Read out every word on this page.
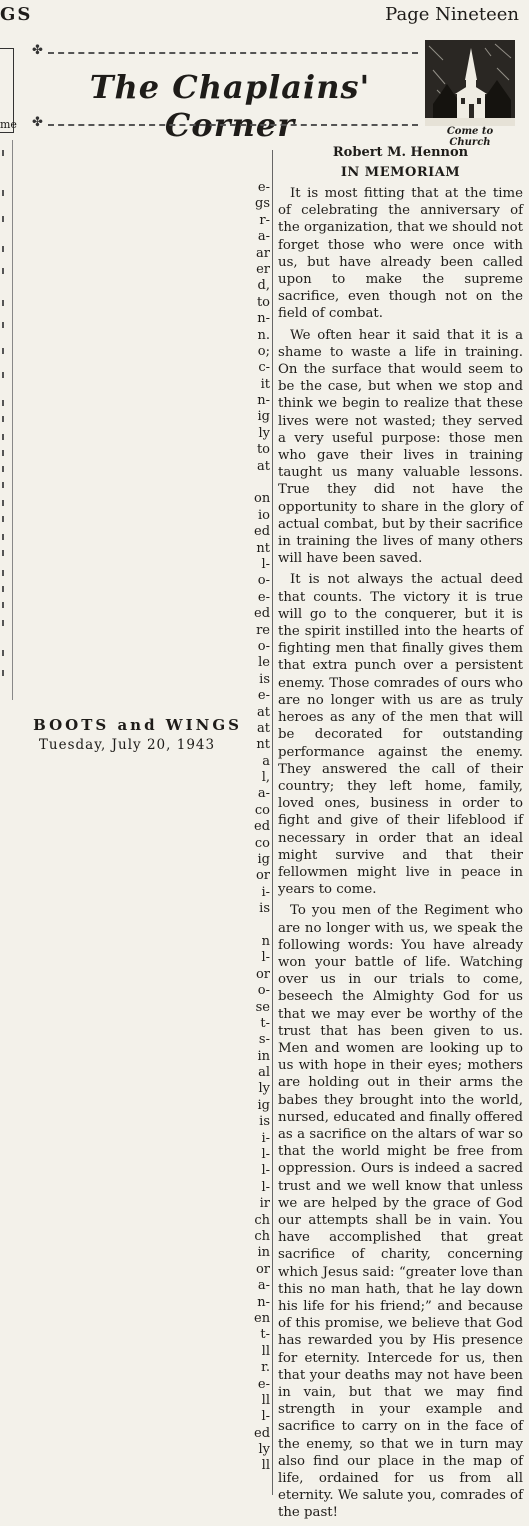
GS	Page Nineteen
me
✤
The Chaplains' Corner
✤
Come to Church
e-
gs
r-
a-
ar
er
d,
to
n-
n.
o;
c-
it
n-
ig
ly
to
at
on
io
ed
nt
l-
o-
e-
ed
re
o-
le
is
e-
at
at
nt
a
l,
a-
co
ed
co
ig
or
i-
is
n
l-
or
o-
se
t-
s-
in
al
ly
ig
is
i-
l-
l-
l-
ir
ch
ch
in
or
a-
n-
en
t-
ll
r.
e-
ll
l-
ed
ly
ll
BOOTS and WINGS
Tuesday, July 20, 1943
Robert M. Hennon
IN MEMORIAM

It is most fitting that at the time of celebrating the anniversary of the organization, that we should not forget those who were once with us, but have already been called upon to make the supreme sacrifice, even though not on the field of combat.

We often hear it said that it is a shame to waste a life in training. On the surface that would seem to be the case, but when we stop and think we begin to realize that these lives were not wasted; they served a very useful purpose: those men who gave their lives in training taught us many valuable lessons. True they did not have the opportunity to share in the glory of actual combat, but by their sacrifice in training the lives of many others will have been saved.

It is not always the actual deed that counts. The victory it is true will go to the conquerer, but it is the spirit instilled into the hearts of fighting men that finally gives them that extra punch over a persistent enemy. Those comrades of ours who are no longer with us are as truly heroes as any of the men that will be decorated for outstanding performance against the enemy. They answered the call of their country; they left home, family, loved ones, business in order to fight and give of their lifeblood if necessary in order that an ideal might survive and that their fellowmen might live in peace in years to come.

To you men of the Regiment who are no longer with us, we speak the following words: You have already won your battle of life. Watching over us in our trials to come, beseech the Almighty God for us that we may ever be worthy of the trust that has been given to us. Men and women are looking up to us with hope in their eyes; mothers are holding out in their arms the babes they brought into the world, nursed, educated and finally offered as a sacrifice on the altars of war so that the world might be free from oppression. Ours is indeed a sacred trust and we well know that unless we are helped by the grace of God our attempts shall be in vain. You have accomplished that great sacrifice of charity, concerning which Jesus said: “greater love than this no man hath, that he lay down his life for his friend;” and because of this promise, we believe that God has rewarded you by His presence for eternity. Intercede for us, then that your deaths may not have been in vain, but that we may find strength in your example and sacrifice to carry on in the face of the enemy, so that we in turn may also find our place in the map of life, ordained for us from all eternity. We salute you, comrades of the past!
